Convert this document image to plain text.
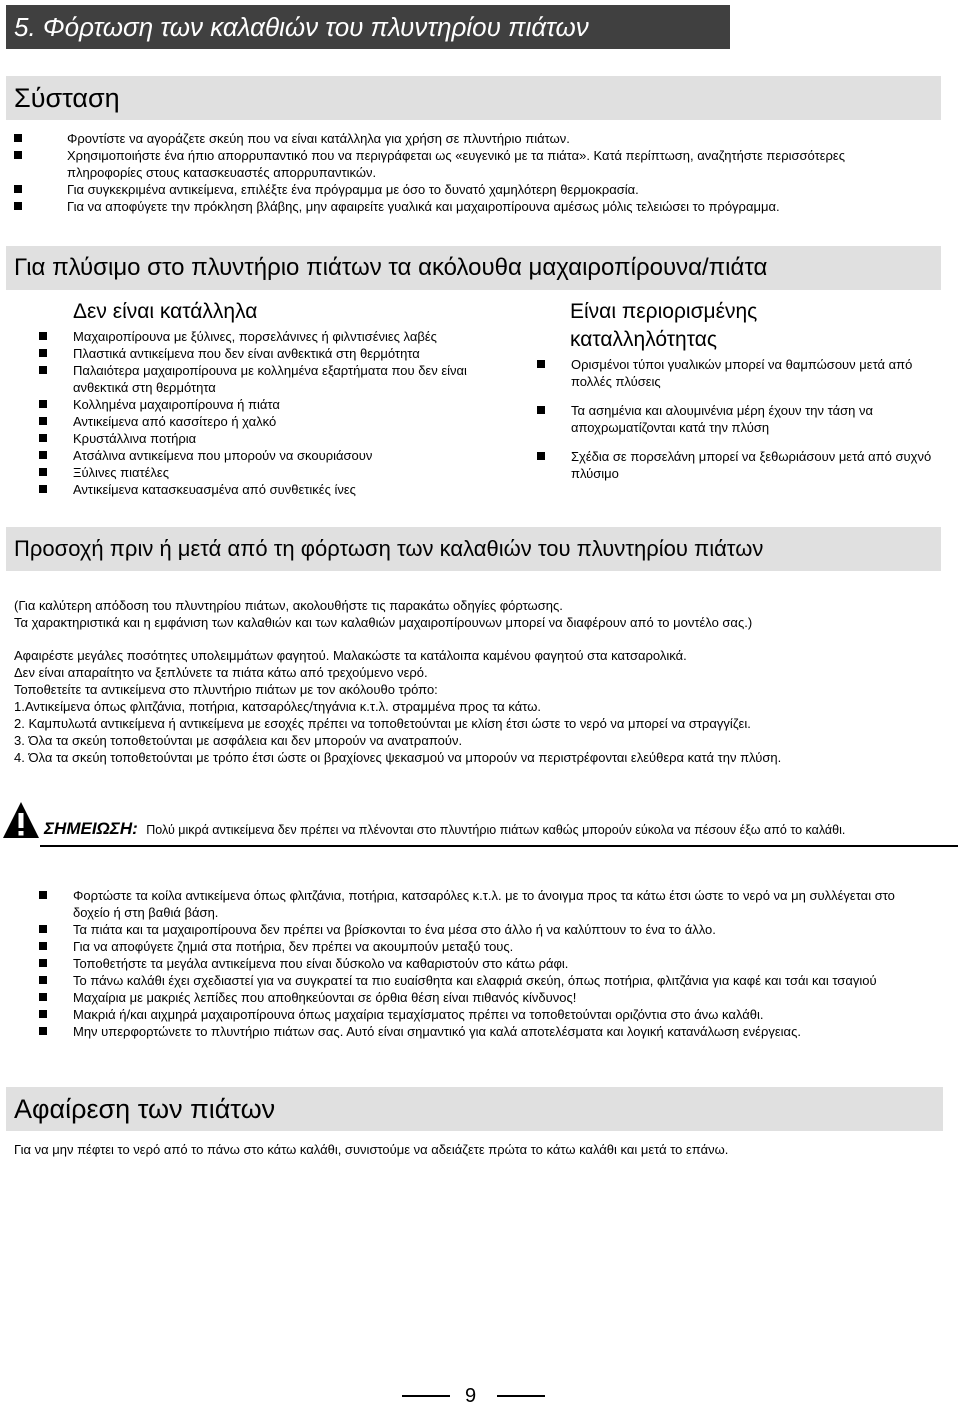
5. Φόρτωση των καλαθιών του πλυντηρίου πιάτων
Σύσταση
Φροντίστε να αγοράζετε σκεύη που να είναι κατάλληλα για χρήση σε πλυντήριο πιάτων.
Χρησιμοποιήστε ένα ήπιο απορρυπαντικό που να περιγράφεται ως «ευγενικό με τα πιάτα». Κατά περίπτωση, αναζητήστε περισσότερες πληροφορίες στους κατασκευαστές απορρυπαντικών.
Για συγκεκριμένα αντικείμενα, επιλέξτε ένα πρόγραμμα με όσο το δυνατό χαμηλότερη θερμοκρασία.
Για να αποφύγετε την πρόκληση βλάβης, μην αφαιρείτε γυαλικά και μαχαιροπίρουνα αμέσως μόλις τελειώσει το πρόγραμμα.
Για πλύσιμο στο πλυντήριο πιάτων τα ακόλουθα μαχαιροπίρουνα/πιάτα
Δεν είναι κατάλληλα
Μαχαιροπίρουνα με ξύλινες, πορσελάνινες ή φιλντισένιες λαβές
Πλαστικά αντικείμενα που δεν είναι ανθεκτικά στη θερμότητα
Παλαιότερα μαχαιροπίρουνα με κολλημένα εξαρτήματα που δεν είναι ανθεκτικά στη θερμότητα
Κολλημένα μαχαιροπίρουνα ή πιάτα
Αντικείμενα από κασσίτερο ή χαλκό
Κρυστάλλινα ποτήρια
Ατσάλινα αντικείμενα που μπορούν να σκουριάσουν
Ξύλινες πιατέλες
Αντικείμενα κατασκευασμένα από συνθετικές ίνες
Είναι περιορισμένης
καταλληλότητας
Ορισμένοι τύποι γυαλικών μπορεί να θαμπώσουν μετά από πολλές πλύσεις
Τα ασημένια και αλουμινένια μέρη έχουν την τάση να αποχρωματίζονται κατά την πλύση
Σχέδια σε πορσελάνη μπορεί να ξεθωριάσουν μετά από συχνό πλύσιμο
Προσοχή πριν ή μετά από τη φόρτωση των καλαθιών του πλυντηρίου πιάτων
(Για καλύτερη απόδοση του πλυντηρίου πιάτων, ακολουθήστε τις παρακάτω οδηγίες φόρτωσης.
Τα χαρακτηριστικά και η εμφάνιση των καλαθιών και των καλαθιών μαχαιροπίρουνων μπορεί να διαφέρουν από το μοντέλο σας.)
Αφαιρέστε μεγάλες ποσότητες υπολειμμάτων φαγητού. Μαλακώστε τα κατάλοιπα καμένου φαγητού στα κατσαρολικά.
Δεν είναι απαραίτητο να ξεπλύνετε τα πιάτα κάτω από τρεχούμενο νερό.
Τοποθετείτε τα αντικείμενα στο πλυντήριο πιάτων με τον ακόλουθο τρόπο:
1.Αντικείμενα όπως φλιτζάνια, ποτήρια, κατσαρόλες/τηγάνια κ.τ.λ. στραμμένα προς τα κάτω.
2. Καμπυλωτά αντικείμενα ή αντικείμενα με εσοχές πρέπει να τοποθετούνται με κλίση έτσι ώστε το νερό να μπορεί να στραγγίζει.
3. Όλα τα σκεύη τοποθετούνται με ασφάλεια και δεν μπορούν να ανατραπούν.
4. Όλα τα σκεύη τοποθετούνται με τρόπο έτσι ώστε οι βραχίονες ψεκασμού να μπορούν να περιστρέφονται ελεύθερα κατά την πλύση.
ΣΗΜΕΙΩΣΗ: Πολύ μικρά αντικείμενα δεν πρέπει να πλένονται στο πλυντήριο πιάτων καθώς μπορούν εύκολα να πέσουν έξω από το καλάθι.
Φορτώστε τα κοίλα αντικείμενα όπως φλιτζάνια, ποτήρια, κατσαρόλες κ.τ.λ. με το άνοιγμα προς τα κάτω έτσι ώστε το νερό να μη συλλέγεται στο δοχείο ή στη βαθιά βάση.
Τα πιάτα και τα μαχαιροπίρουνα δεν πρέπει να βρίσκονται το ένα μέσα στο άλλο ή να καλύπτουν το ένα το άλλο.
Για να αποφύγετε ζημιά στα ποτήρια, δεν πρέπει να ακουμπούν μεταξύ τους.
Τοποθετήστε τα μεγάλα αντικείμενα που είναι δύσκολο να καθαριστούν στο κάτω ράφι.
Το πάνω καλάθι έχει σχεδιαστεί για να συγκρατεί τα πιο ευαίσθητα και ελαφριά σκεύη, όπως ποτήρια, φλιτζάνια για καφέ και τσάι και τσαγιού
Μαχαίρια με μακριές λεπίδες που αποθηκεύονται σε όρθια θέση είναι πιθανός κίνδυνος!
Μακριά ή/και αιχμηρά μαχαιροπίρουνα όπως μαχαίρια τεμαχίσματος πρέπει να τοποθετούνται οριζόντια στο άνω καλάθι.
Μην υπερφορτώνετε το πλυντήριο πιάτων σας. Αυτό είναι σημαντικό για καλά αποτελέσματα και λογική κατανάλωση ενέργειας.
Αφαίρεση των πιάτων
Για να μην πέφτει το νερό από το πάνω στο κάτω καλάθι, συνιστούμε να αδειάζετε πρώτα το κάτω καλάθι και μετά το επάνω.
9
